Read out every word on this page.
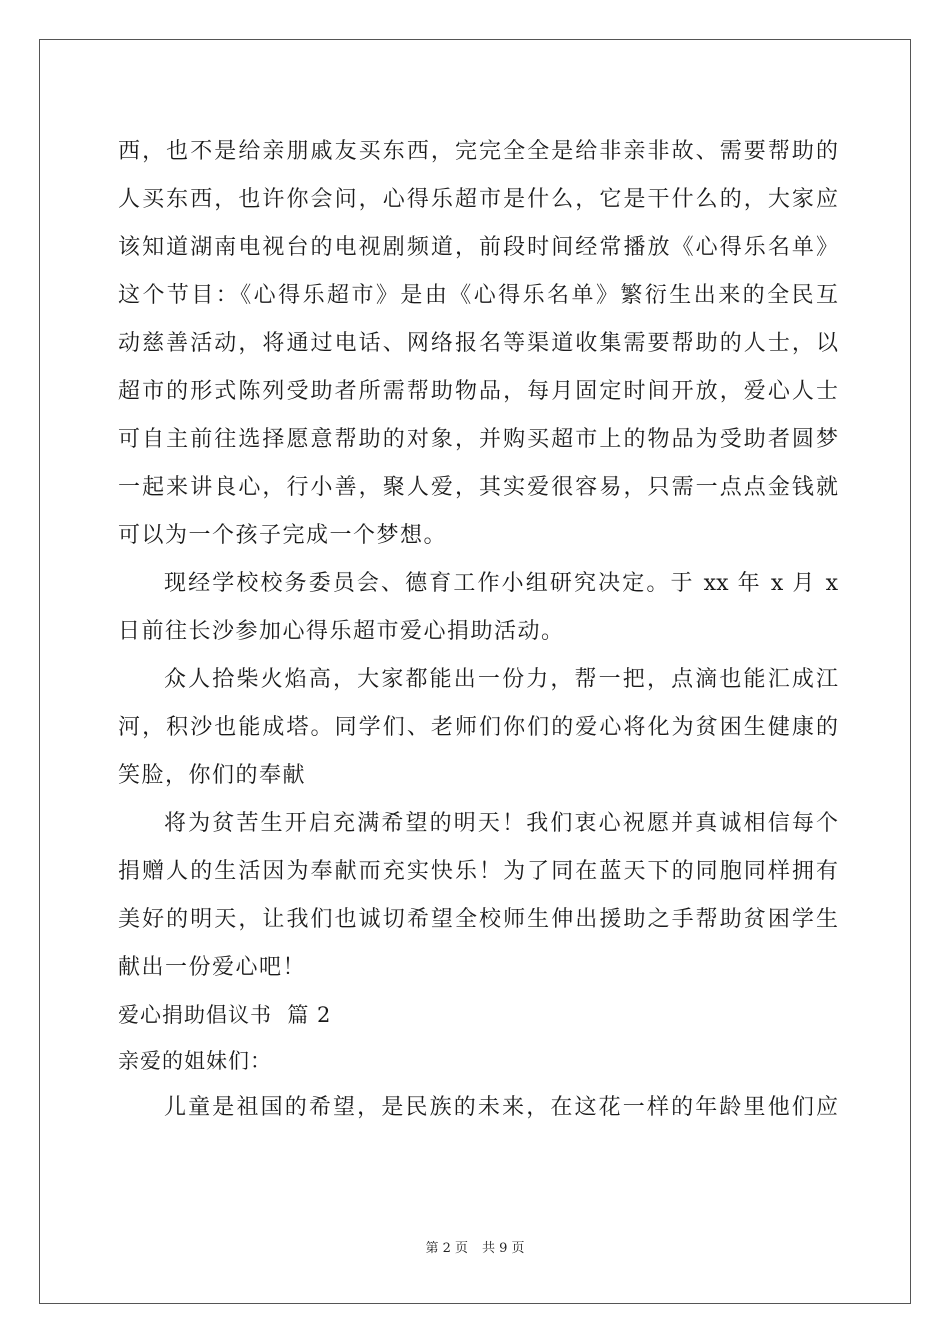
西，也不是给亲朋戚友买东西，完完全全是给非亲非故、需要帮助的
人买东西，也许你会问，心得乐超市是什么，它是干什么的，大家应
该知道湖南电视台的电视剧频道，前段时间经常播放《心得乐名单》
这个节目：《心得乐超市》是由《心得乐名单》繁衍生出来的全民互
动慈善活动，将通过电话、网络报名等渠道收集需要帮助的人士，以
超市的形式陈列受助者所需帮助物品，每月固定时间开放，爱心人士
可自主前往选择愿意帮助的对象，并购买超市上的物品为受助者圆梦
一起来讲良心，行小善，聚人爱，其实爱很容易，只需一点点金钱就
可以为一个孩子完成一个梦想。
现经学校校务委员会、德育工作小组研究决定。于 xx 年 x 月 x
日前往长沙参加心得乐超市爱心捐助活动。
众人拾柴火焰高，大家都能出一份力，帮一把，点滴也能汇成江
河，积沙也能成塔。同学们、老师们你们的爱心将化为贫困生健康的
笑脸，你们的奉献
将为贫苦生开启充满希望的明天！我们衷心祝愿并真诚相信每个
捐赠人的生活因为奉献而充实快乐！为了同在蓝天下的同胞同样拥有
美好的明天，让我们也诚切希望全校师生伸出援助之手帮助贫困学生
献出一份爱心吧！
爱心捐助倡议书  篇 2
亲爱的姐妹们：
儿童是祖国的希望，是民族的未来，在这花一样的年龄里他们应
第 2 页 共 9 页
